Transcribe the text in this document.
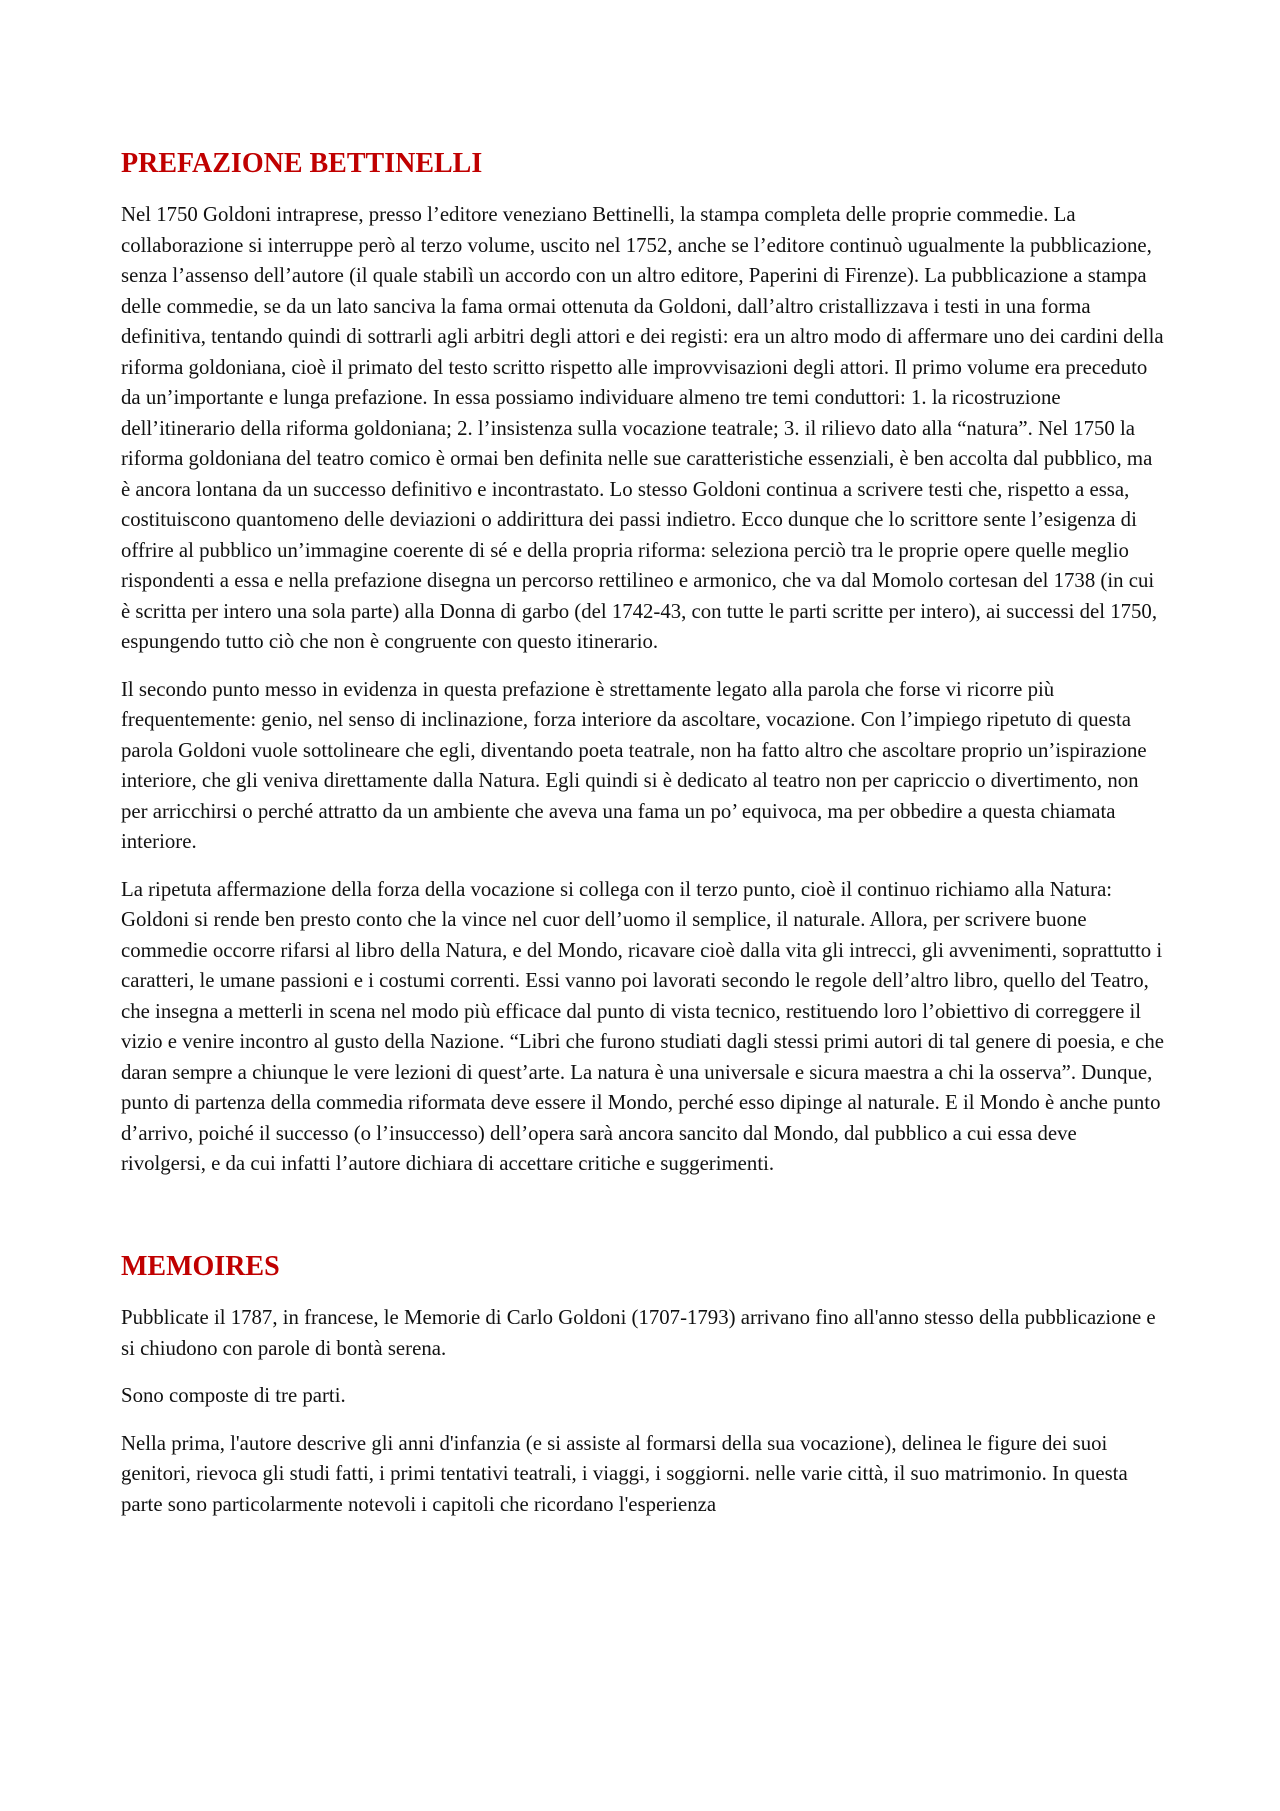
PREFAZIONE BETTINELLI

Nel 1750 Goldoni intraprese, presso l’editore veneziano Bettinelli, la stampa completa delle proprie commedie. La collaborazione si interruppe però al terzo volume, uscito nel 1752, anche se l’editore continuò ugualmente la pubblicazione, senza l’assenso dell’autore (il quale stabilì un accordo con un altro editore, Paperini di Firenze). La pubblicazione a stampa delle commedie, se da un lato sanciva la fama ormai ottenuta da Goldoni, dall’altro cristallizzava i testi in una forma definitiva, tentando quindi di sottrarli agli arbitri degli attori e dei registi: era un altro modo di affermare uno dei cardini della riforma goldoniana, cioè il primato del testo scritto rispetto alle improvvisazioni degli attori. Il primo volume era preceduto da un’importante e lunga prefazione. In essa possiamo individuare almeno tre temi conduttori: 1. la ricostruzione dell’itinerario della riforma goldoniana; 2. l’insistenza sulla vocazione teatrale; 3. il rilievo dato alla “natura”. Nel 1750 la riforma goldoniana del teatro comico è ormai ben definita nelle sue caratteristiche essenziali, è ben accolta dal pubblico, ma è ancora lontana da un successo definitivo e incontrastato. Lo stesso Goldoni continua a scrivere testi che, rispetto a essa, costituiscono quantomeno delle deviazioni o addirittura dei passi indietro. Ecco dunque che lo scrittore sente l’esigenza di offrire al pubblico un’immagine coerente di sé e della propria riforma: seleziona perciò tra le proprie opere quelle meglio rispondenti a essa e nella prefazione disegna un percorso rettilineo e armonico, che va dal Momolo cortesan del 1738 (in cui è scritta per intero una sola parte) alla Donna di garbo (del 1742-43, con tutte le parti scritte per intero), ai successi del 1750, espungendo tutto ciò che non è congruente con questo itinerario.

Il secondo punto messo in evidenza in questa prefazione è strettamente legato alla parola che forse vi ricorre più frequentemente: genio, nel senso di inclinazione, forza interiore da ascoltare, vocazione. Con l’impiego ripetuto di questa parola Goldoni vuole sottolineare che egli, diventando poeta teatrale, non ha fatto altro che ascoltare proprio un’ispirazione interiore, che gli veniva direttamente dalla Natura. Egli quindi si è dedicato al teatro non per capriccio o divertimento, non per arricchirsi o perché attratto da un ambiente che aveva una fama un po’ equivoca, ma per obbedire a questa chiamata interiore.

La ripetuta affermazione della forza della vocazione si collega con il terzo punto, cioè il continuo richiamo alla Natura: Goldoni si rende ben presto conto che la vince nel cuor dell’uomo il semplice, il naturale. Allora, per scrivere buone commedie occorre rifarsi al libro della Natura, e del Mondo, ricavare cioè dalla vita gli intrecci, gli avvenimenti, soprattutto i caratteri, le umane passioni e i costumi correnti. Essi vanno poi lavorati secondo le regole dell’altro libro, quello del Teatro, che insegna a metterli in scena nel modo più efficace dal punto di vista tecnico, restituendo loro l’obiettivo di correggere il vizio e venire incontro al gusto della Nazione. “Libri che furono studiati dagli stessi primi autori di tal genere di poesia, e che daran sempre a chiunque le vere lezioni di quest’arte. La natura è una universale e sicura maestra a chi la osserva”. Dunque, punto di partenza della commedia riformata deve essere il Mondo, perché esso dipinge al naturale. E il Mondo è anche punto d’arrivo, poiché il successo (o l’insuccesso) dell’opera sarà ancora sancito dal Mondo, dal pubblico a cui essa deve rivolgersi, e da cui infatti l’autore dichiara di accettare critiche e suggerimenti.

MEMOIRES

Pubblicate il 1787, in francese, le Memorie di Carlo Goldoni (1707-1793) arrivano fino all'anno stesso della pubblicazione e si chiudono con parole di bontà serena.

Sono composte di tre parti.

Nella prima, l'autore descrive gli anni d'infanzia (e si assiste al formarsi della sua vocazione), delinea le figure dei suoi genitori, rievoca gli studi fatti, i primi tentativi teatrali, i viaggi, i soggiorni. nelle varie città, il suo matrimonio. In questa parte sono particolarmente notevoli i capitoli che ricordano l'esperienza
